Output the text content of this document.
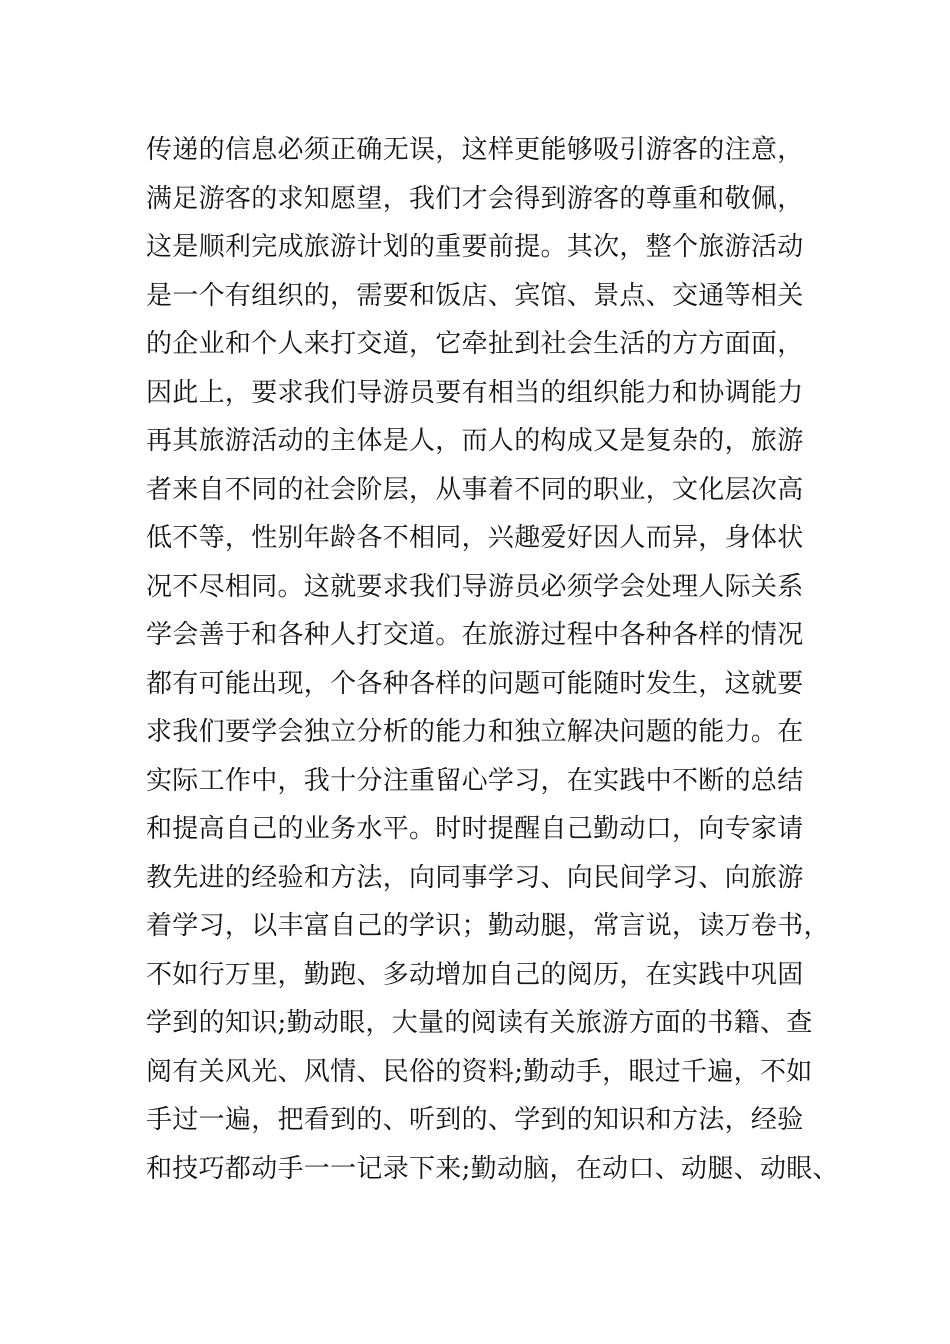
传递的信息必须正确无误，这样更能够吸引游客的注意，
满足游客的求知愿望，我们才会得到游客的尊重和敬佩，
这是顺利完成旅游计划的重要前提。其次，整个旅游活动
是一个有组织的，需要和饭店、宾馆、景点、交通等相关
的企业和个人来打交道，它牵扯到社会生活的方方面面，
因此上，要求我们导游员要有相当的组织能力和协调能力
再其旅游活动的主体是人，而人的构成又是复杂的，旅游
者来自不同的社会阶层，从事着不同的职业，文化层次高
低不等，性别年龄各不相同，兴趣爱好因人而异，身体状
况不尽相同。这就要求我们导游员必须学会处理人际关系
学会善于和各种人打交道。在旅游过程中各种各样的情况
都有可能出现，个各种各样的问题可能随时发生，这就要
求我们要学会独立分析的能力和独立解决问题的能力。在
实际工作中，我十分注重留心学习，在实践中不断的总结
和提高自己的业务水平。时时提醒自己勤动口，向专家请
教先进的经验和方法，向同事学习、向民间学习、向旅游
着学习，以丰富自己的学识；勤动腿，常言说，读万卷书，
不如行万里，勤跑、多动增加自己的阅历，在实践中巩固
学到的知识;勤动眼，大量的阅读有关旅游方面的书籍、查
阅有关风光、风情、民俗的资料;勤动手，眼过千遍，不如
手过一遍，把看到的、听到的、学到的知识和方法，经验
和技巧都动手一一记录下来;勤动脑，在动口、动腿、动眼、
